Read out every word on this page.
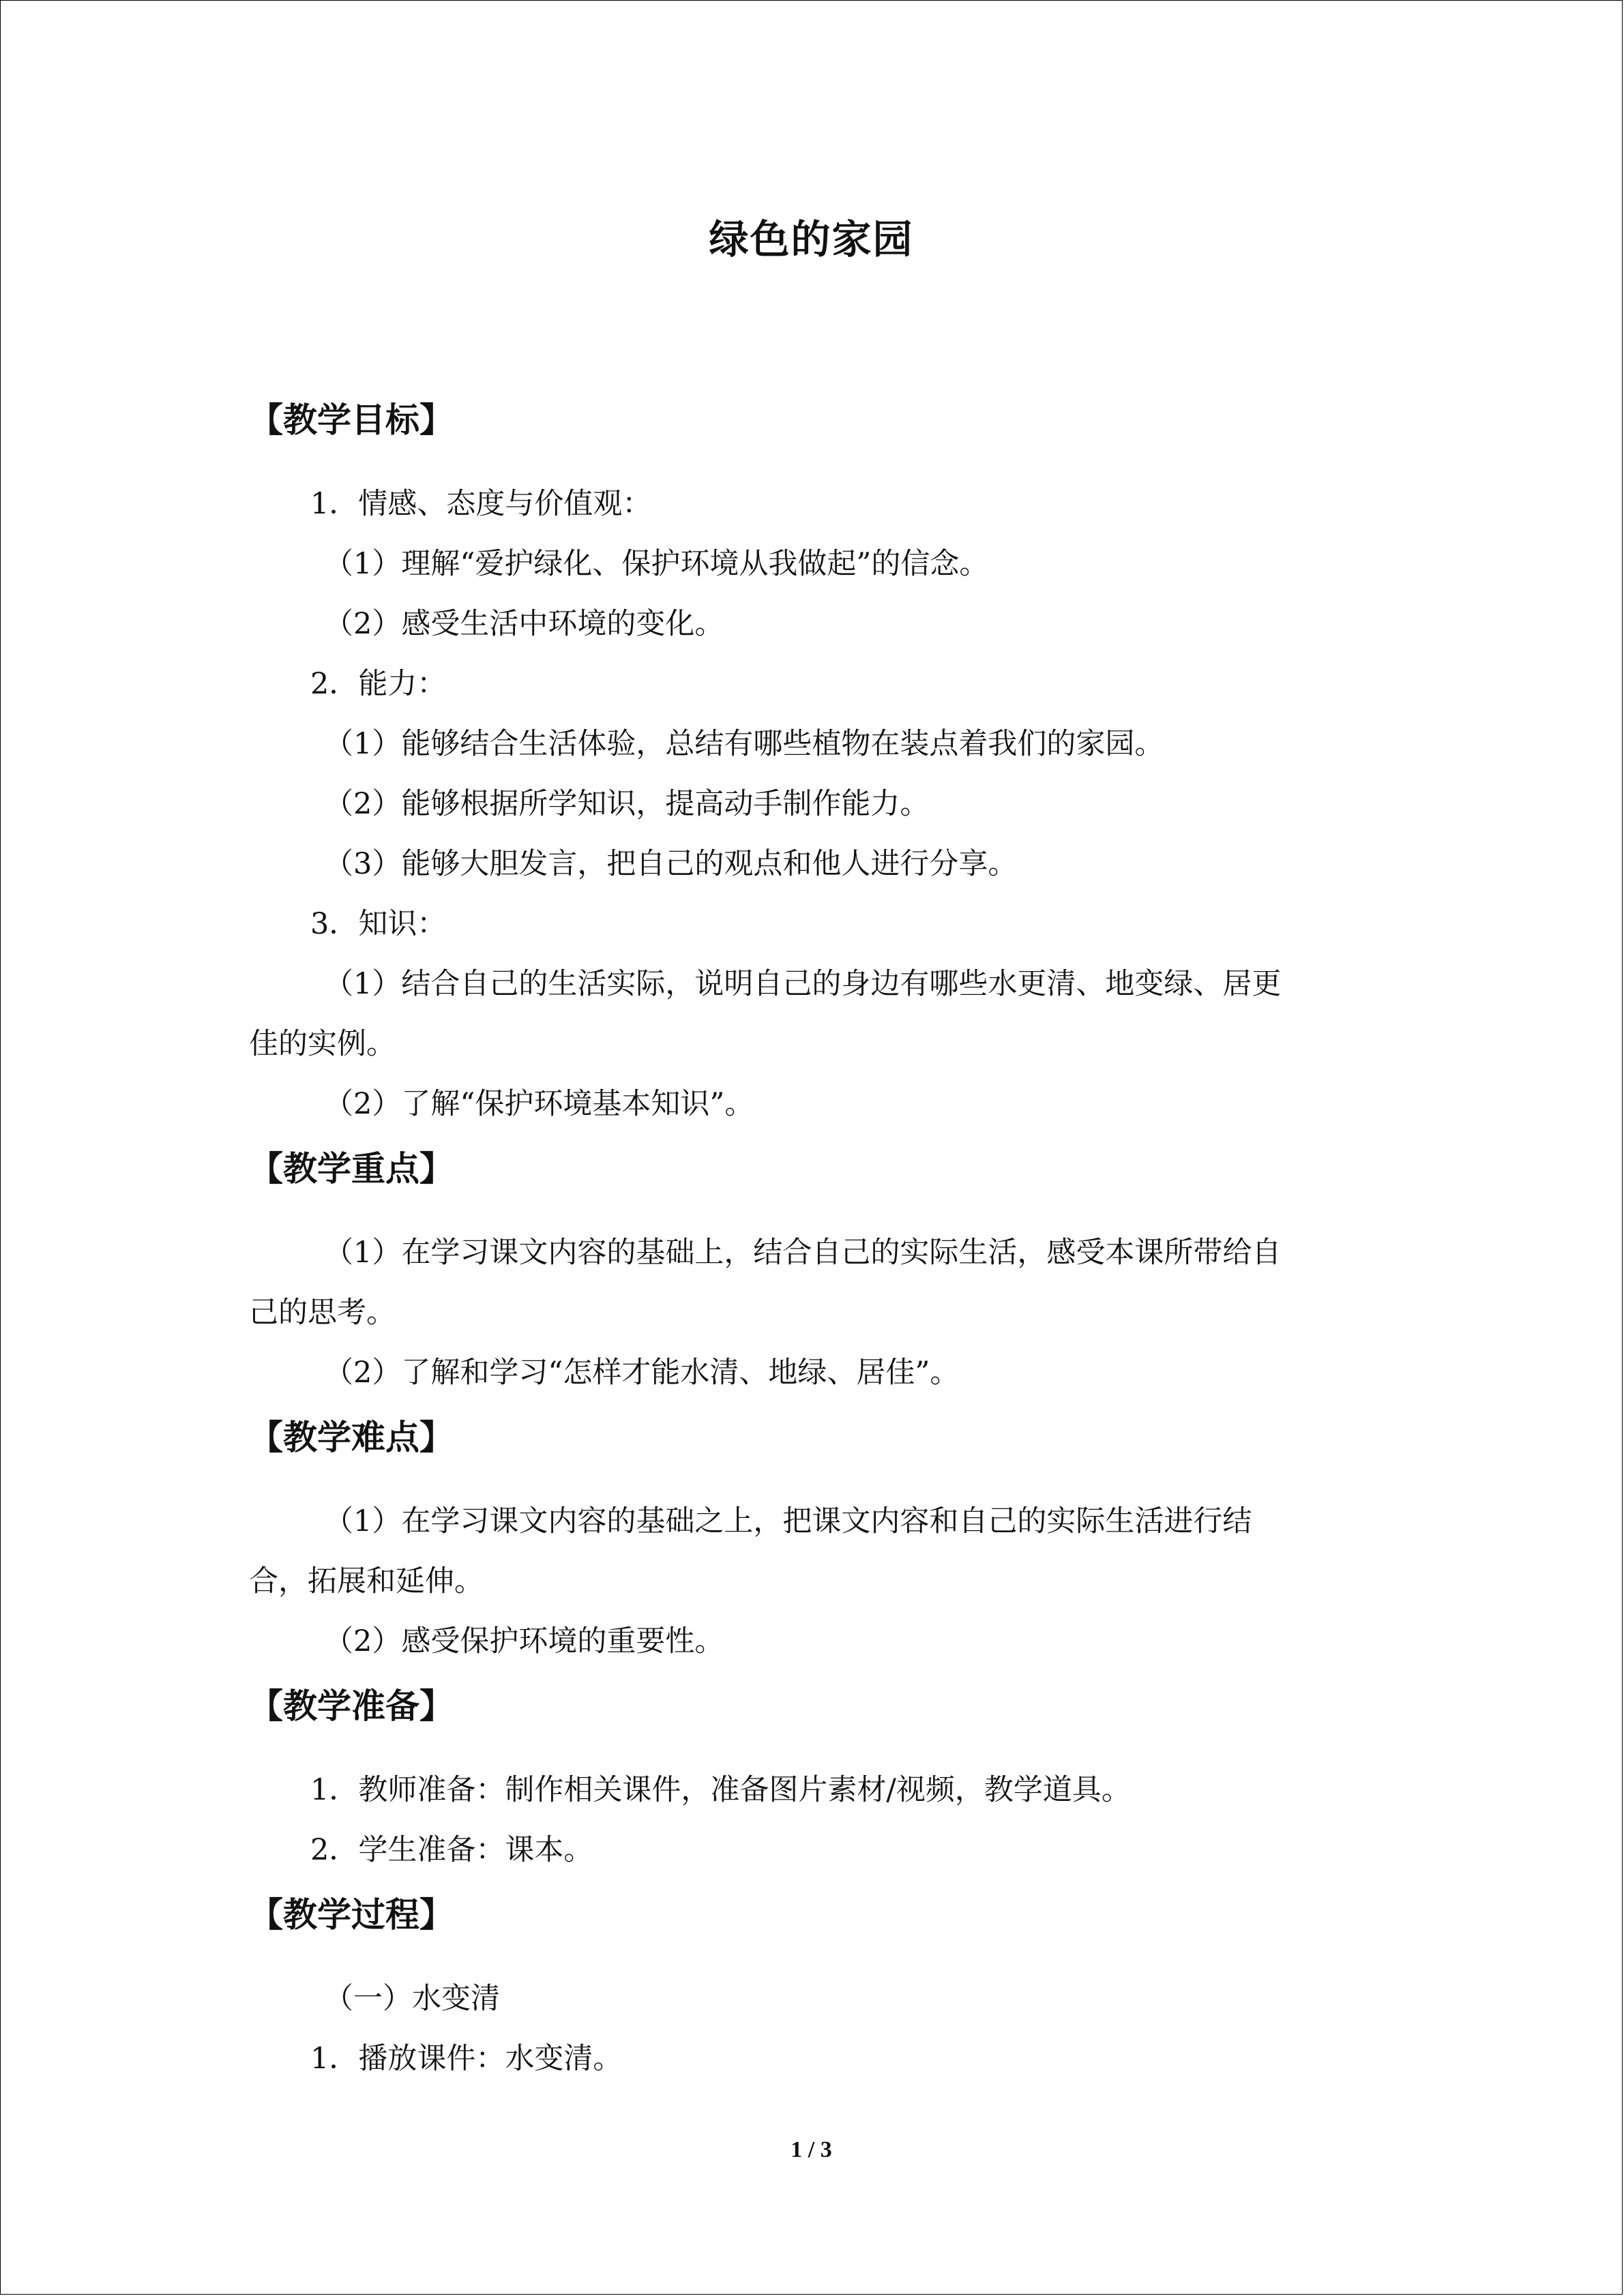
绿色的家园
【教学目标】
1．情感、态度与价值观：
（1）理解“爱护绿化、保护环境从我做起”的信念。
（2）感受生活中环境的变化。
2．能力：
（1）能够结合生活体验，总结有哪些植物在装点着我们的家园。
（2）能够根据所学知识，提高动手制作能力。
（3）能够大胆发言，把自己的观点和他人进行分享。
3．知识：
（1）结合自己的生活实际，说明自己的身边有哪些水更清、地变绿、居更
佳的实例。
（2）了解“保护环境基本知识”。
【教学重点】
（1）在学习课文内容的基础上，结合自己的实际生活，感受本课所带给自
己的思考。
（2）了解和学习“怎样才能水清、地绿、居佳”。
【教学难点】
（1）在学习课文内容的基础之上，把课文内容和自己的实际生活进行结
合，拓展和延伸。
（2）感受保护环境的重要性。
【教学准备】
1．教师准备：制作相关课件，准备图片素材/视频，教学道具。
2．学生准备：课本。
【教学过程】
（一）水变清
1．播放课件：水变清。
1 / 3
